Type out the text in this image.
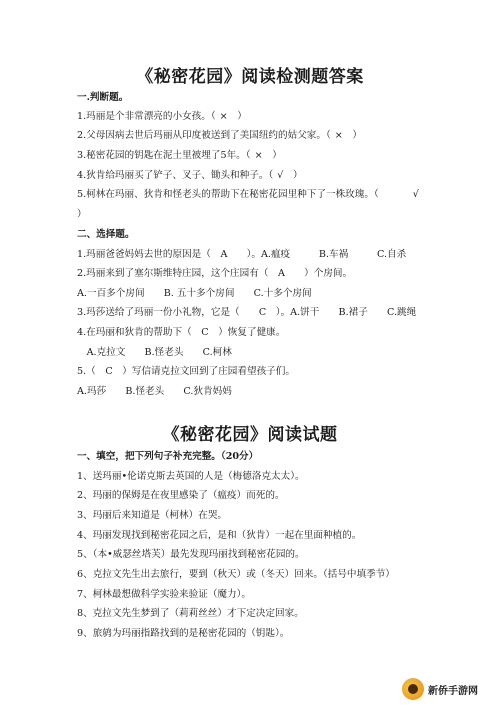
《秘密花园》阅读检测题答案
一.判断题。
1.玛丽是个非常漂亮的小女孩。（ ×　）
2.父母因病去世后玛丽从印度被送到了美国纽约的姑父家。（ ×　）
3.秘密花园的钥匙在泥土里被埋了5年。（ ×　）
4.狄肯给玛丽买了铲子、叉子、锄头和种子。（ √　）
5.柯林在玛丽、狄肯和怪老头的帮助下在秘密花园里种下了一株玫瑰。（	√
）
二、选择题。
1.玛丽爸爸妈妈去世的原因是（　A　　）。A.瘟疫　　　B.车祸　　　C.自杀
2.玛丽来到了塞尔斯维特庄园，这个庄园有（　A　　）个房间。
A.一百多个房间　　B. 五十多个房间　　C.十多个房间
3.玛莎送给了玛丽一份小礼物，它是（　　C　）。A.饼干　　B.裙子　　C.跳绳
4.在玛丽和狄肯的帮助下（　C　）恢复了健康。
　A.克拉文　　B.怪老头　　C.柯林
5.（　C　）写信请克拉文回到了庄园看望孩子们。
A.玛莎　　B.怪老头　　C.狄肯妈妈
《秘密花园》阅读试题
一、填空，把下列句子补充完整。（20分）
1、送玛丽•伦诺克斯去英国的人是（梅德洛克太太）。
2、玛丽的保姆是在夜里感染了（瘟疫）而死的。
3、玛丽后来知道是（柯林）在哭。
4、玛丽发现找到秘密花园之后，是和（狄肯）一起在里面种植的。
5、（本•威瑟丝塔芙）最先发现玛丽找到秘密花园的。
6、克拉文先生出去旅行，要到（秋天）或（冬天）回来。（括号中填季节）
7、柯林最想做科学实验来验证（魔力）。
8、克拉文先生梦到了（莉莉丝丝）才下定决定回家。
9、旅鸫为玛丽指路找到的是秘密花园的（钥匙）。
新侨手游网
